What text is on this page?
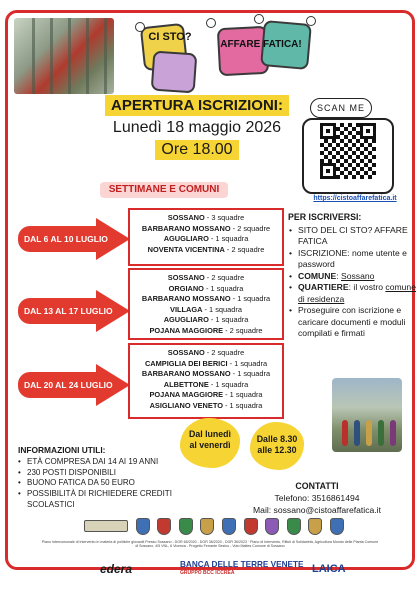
CI STO?
AFFARE FATICA!
APERTURA ISCRIZIONI:
Lunedì 18 maggio 2026
Ore 18.00
SCAN ME
https://cistoaffarefatica.it
SETTIMANE E COMUNI
DAL 6 AL 10 LUGLIO
SOSSANO - 3 squadre
BARBARANO MOSSANO - 2 squadre
AGUGLIARO - 1 squadra
NOVENTA VICENTINA - 2 squadre
DAL 13 AL 17 LUGLIO
SOSSANO - 2 squadre
ORGIANO - 1 squadra
BARBARANO MOSSANO - 1 squadra
VILLAGA - 1 squadra
AGUGLIARO - 1 squadra
POJANA MAGGIORE - 2 squadre
DAL 20 AL 24 LUGLIO
SOSSANO - 2 squadre
CAMPIGLIA DEI BERICI - 1 squadra
BARBARANO MOSSANO - 1 squadra
ALBETTONE - 1 squadra
POJANA MAGGIORE - 1 squadra
ASIGLIANO VENETO - 1 squadra
PER ISCRIVERSI:
• SITO DEL CI STO? AFFARE FATICA
• ISCRIZIONE: nome utente e password
• COMUNE: Sossano
• QUARTIERE: il vostro comune di residenza
• Proseguire con iscrizione e caricare documenti e moduli compilati e firmati
INFORMAZIONI UTILI:
• ETÀ COMPRESA DAI 14 AI 19 ANNI
• 230 POSTI DISPONIBILI
• BUONO FATICA DA 50 EURO
• POSSIBILITÀ DI RICHIEDERE CREDITI SCOLASTICI
Dal lunedì
al venerdì
Dalle 8.30
alle 12.30
CONTATTI
Telefono: 3516861494
Mail: sossano@cistoaffarefatica.it
Piano Intercomunale di Intervento in materia di politiche giovanili Presso Sossano - DGR 65/2020 - DGR 36/2020 - DGR 36/2023 · Piano di Intervento, Rifiuti di Solidarietà, Agricoltura Mondo delle Pianta Comune di Sossano, 4/5 VNL, 6 Vicenza - Progetto Ferrante Sesino - Voto Mattes Comune di Sossano
edera	BANCA DELLE TERRE VENETE
GRUPPO BCC ICCREA	LAICA
